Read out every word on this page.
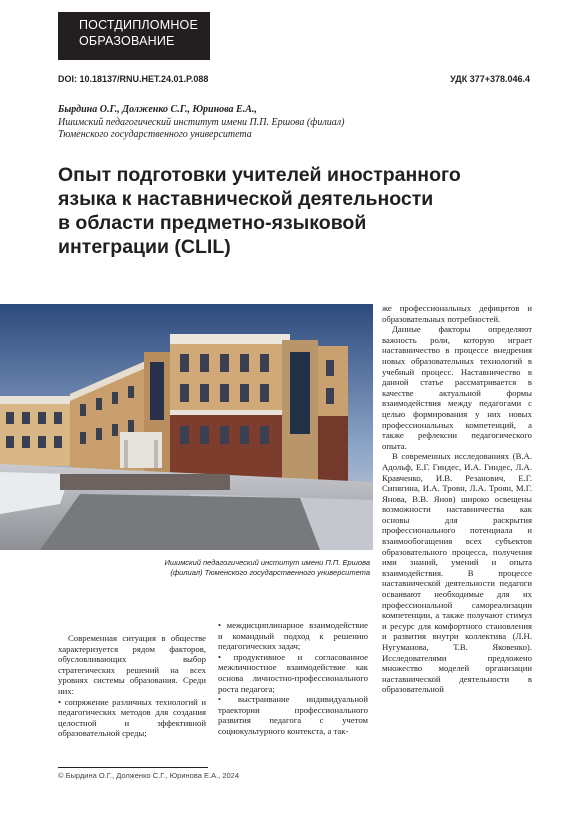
ПОСТДИПЛОМНОЕ
ОБРАЗОВАНИЕ
DOI: 10.18137/RNU.HET.24.01.P.088	УДК 377+378.046.4
Бырдина О.Г., Долженко С.Г., Юринова Е.А.,
Ишимский педагогический институт имени П.П. Ершова (филиал)
Тюменского государственного университета
Опыт подготовки учителей иностранного
языка к наставнической деятельности
в области предметно-языковой
интеграции (CLIL)
Ишимский педагогический институт имени П.П. Ершова
(филиал) Тюменского государственного университета

же профессиональных дефицитов и образовательных потребностей.

Данные факторы определяют важность роли, которую играет наставничество в процессе внедрения новых образовательных технологий в учебный процесс. Наставничество в данной статье рассматривается в качестве актуальной формы взаимодействия между педагогами с целью формирования у них новых профессиональных компетенций, а также рефлексии педагогического опыта.

В современных исследованиях (В.А. Адольф, Е.Г. Гиндес, И.А. Гиндес, Л.А. Кравченко, И.В. Резанович, Е.Г. Сипягина, И.А. Тровн, Л.А. Троян, М.Г. Янова, В.В. Янов) широко освещены возможности наставничества как основы для раскрытия профессионального потенциала и взаимообогащения всех субъектов образовательного процесса, получения ими знаний, умений и опыта взаимодействия. В процессе наставнической деятельности педагоги осваивают необходимые для их профессиональной самореализации компетенции, а также получают стимул и ресурс для комфортного становления и развития внутри коллектива (Л.Н. Нугуманова, Т.В. Яковенко). Исследователями предложено множество моделей организации наставнической деятельности в образовательной

Современная ситуация в обществе характеризуется рядом факторов, обусловливающих выбор стратегических решений на всех уровнях системы образования. Среди них:

• сопряжение различных технологий и педагогических методов для создания целостной и эффективной образовательной среды;

• междисциплинарное взаимодействие и командный подход к решению педагогических задач;

• продуктивное и согласованное межличностное взаимодействие как основа личностно-профессионального роста педагога;

• выстраивание индивидуальной траектории профессионального развития педагога с учетом социокультурного контекста, а так-

© Бырдина О.Г., Долженко С.Г., Юринова Е.А., 2024
